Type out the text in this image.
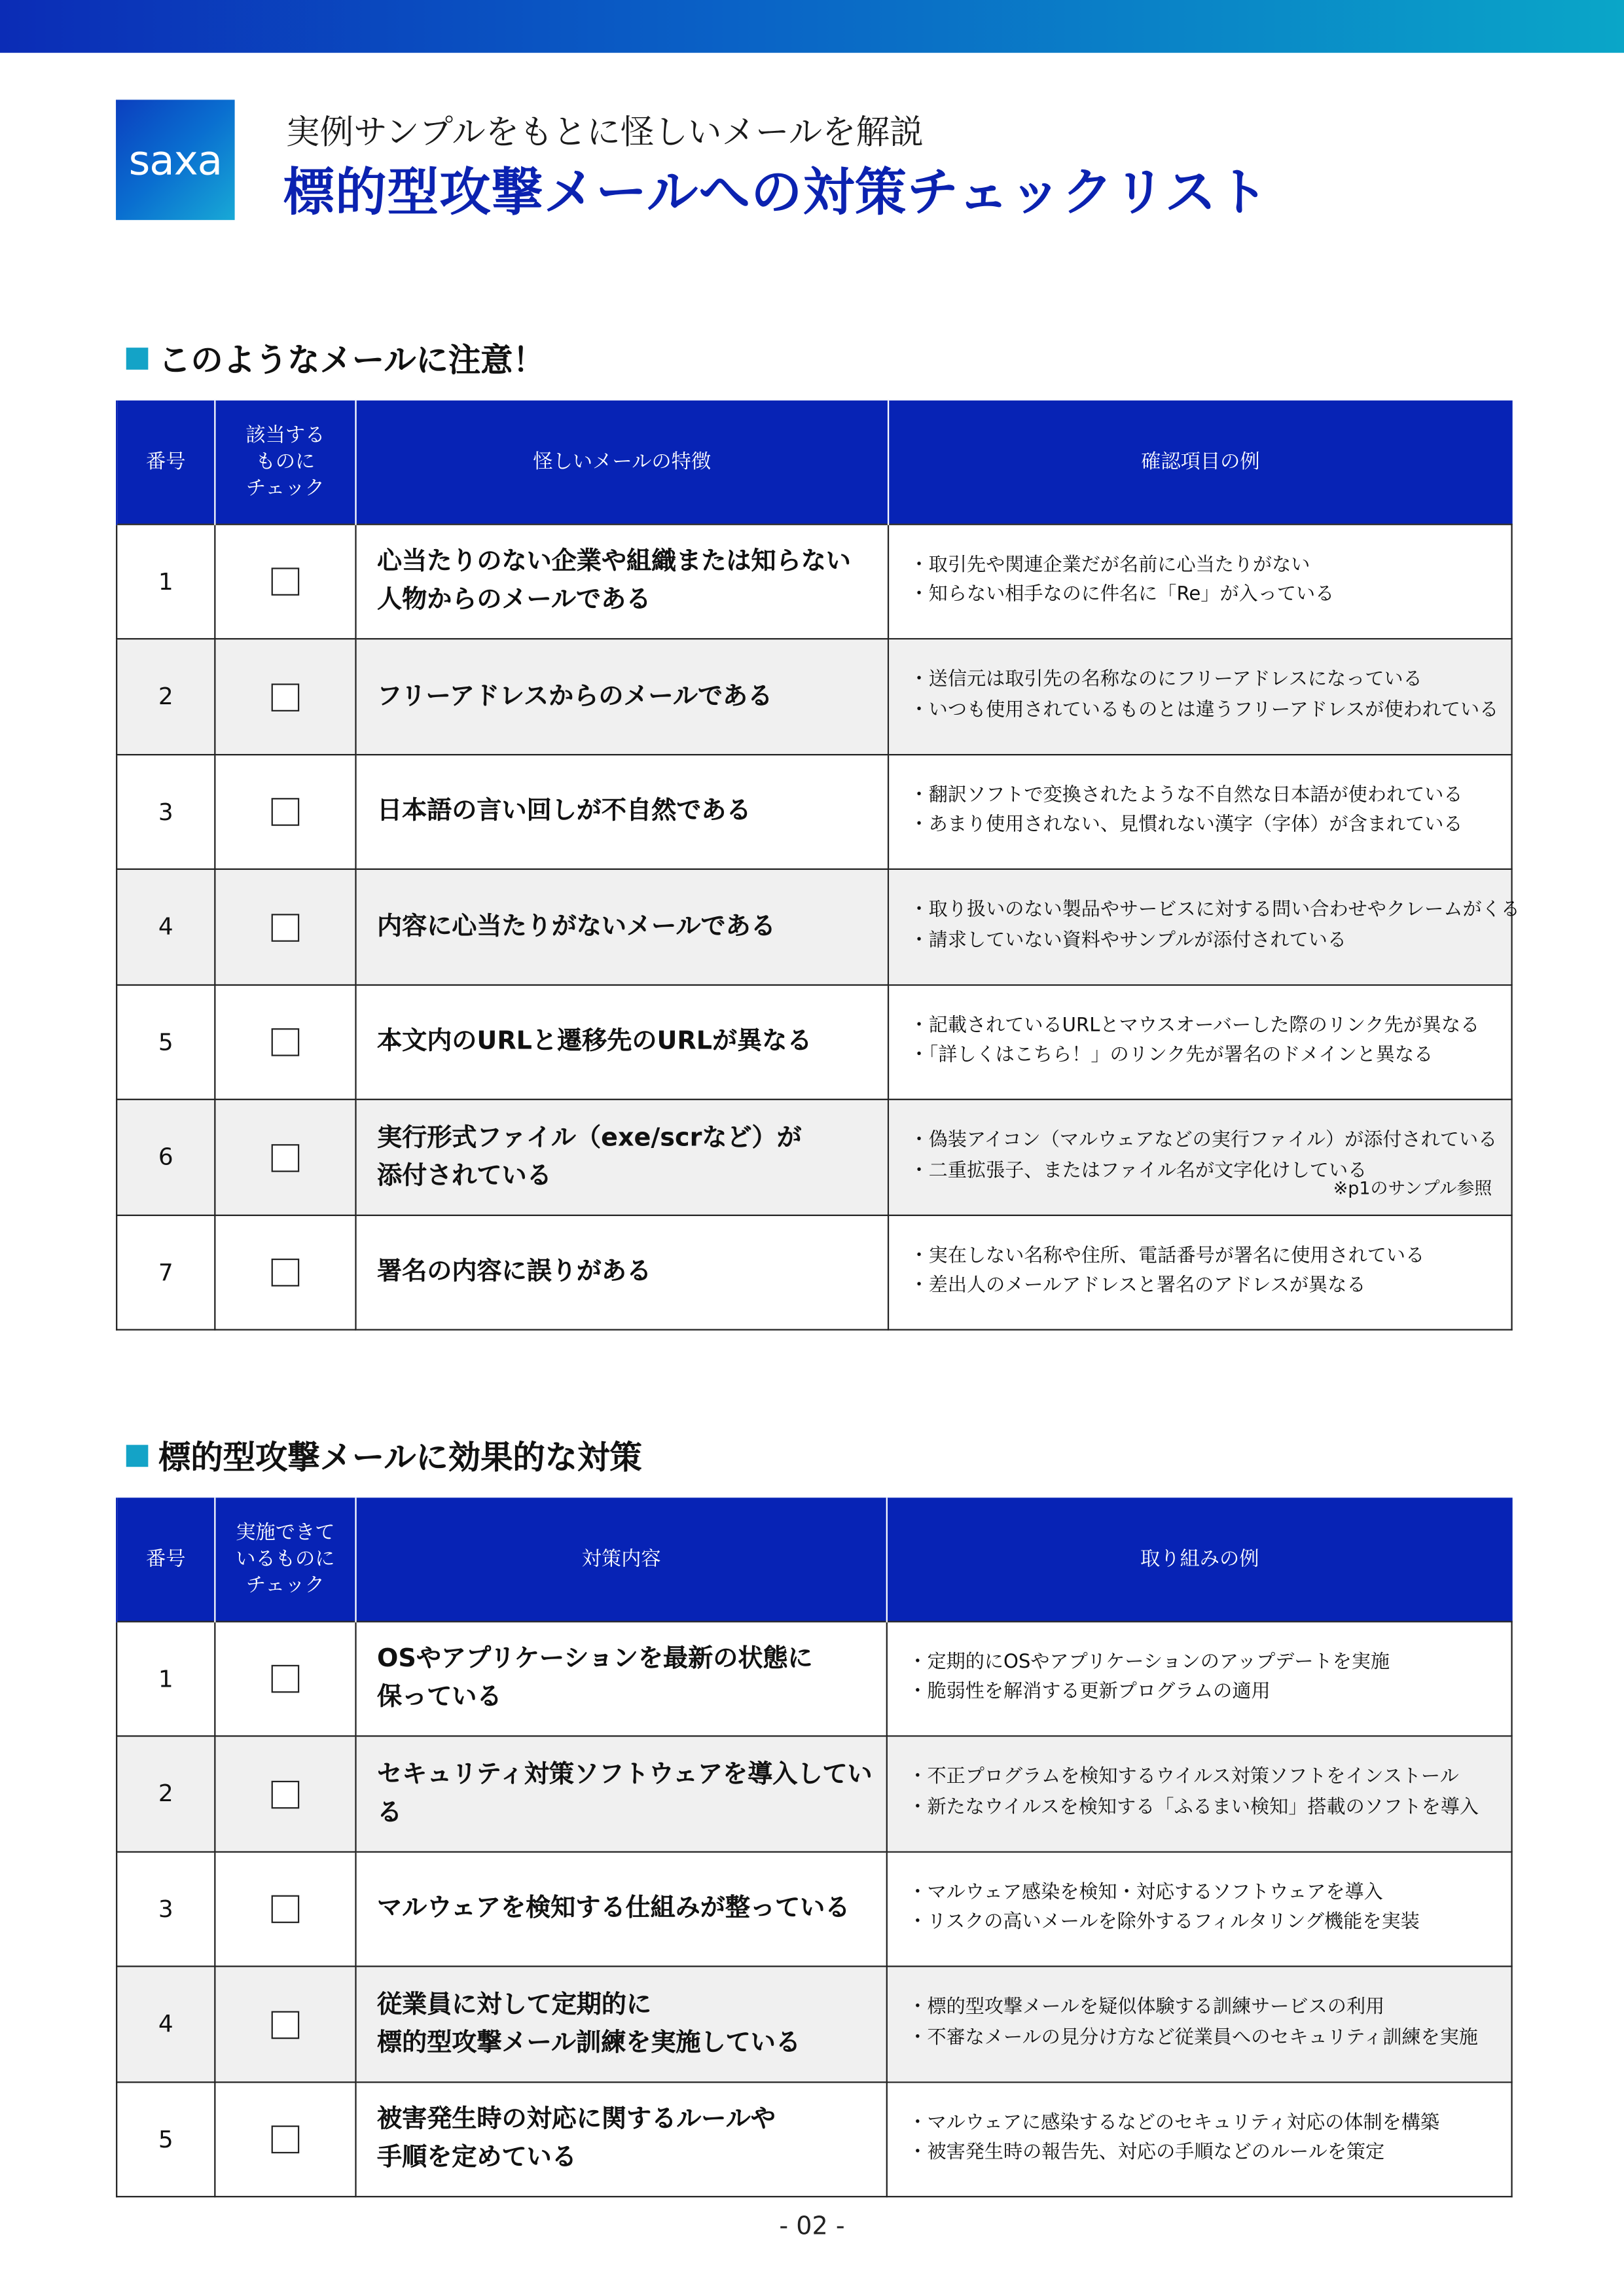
saxa
実例サンプルをもとに怪しいメールを解説
標的型攻撃メールへの対策チェックリスト
このようなメールに注意！
番号	該当する
ものに
チェック	怪しいメールの特徴	確認項目の例
1		心当たりのない企業や組織または知らない
人物からのメールである	・取引先や関連企業だが名前に心当たりがない
・知らない相手なのに件名に「Re」が入っている

2		フリーアドレスからのメールである	・送信元は取引先の名称なのにフリーアドレスになっている
・いつも使用されているものとは違うフリーアドレスが使われている

3		日本語の言い回しが不自然である	・翻訳ソフトで変換されたような不自然な日本語が使われている
・あまり使用されない、見慣れない漢字（字体）が含まれている

4		内容に心当たりがないメールである	・取り扱いのない製品やサービスに対する問い合わせやクレームがくる
・請求していない資料やサンプルが添付されている

5		本文内のURLと遷移先のURLが異なる	・記載されているURLとマウスオーバーした際のリンク先が異なる
・「詳しくはこちら！」のリンク先が署名のドメインと異なる

6		実行形式ファイル（exe/scrなど）が
添付されている	・偽装アイコン（マルウェアなどの実行ファイル）が添付されている
・二重拡張子、またはファイル名が文字化けしている
※p1のサンプル参照

7		署名の内容に誤りがある	・実在しない名称や住所、電話番号が署名に使用されている
・差出人のメールアドレスと署名のアドレスが異なる
標的型攻撃メールに効果的な対策
番号	実施できて
いるものに
チェック	対策内容	取り組みの例
1		OSやアプリケーションを最新の状態に
保っている	・定期的にOSやアプリケーションのアップデートを実施
・脆弱性を解消する更新プログラムの適用

2		セキュリティ対策ソフトウェアを導入している	・不正プログラムを検知するウイルス対策ソフトをインストール
・新たなウイルスを検知する「ふるまい検知」搭載のソフトを導入

3		マルウェアを検知する仕組みが整っている	・マルウェア感染を検知・対応するソフトウェアを導入
・リスクの高いメールを除外するフィルタリング機能を実装

4		従業員に対して定期的に
標的型攻撃メール訓練を実施している	・標的型攻撃メールを疑似体験する訓練サービスの利用
・不審なメールの見分け方など従業員へのセキュリティ訓練を実施

5		被害発生時の対応に関するルールや
手順を定めている	・マルウェアに感染するなどのセキュリティ対応の体制を構築
・被害発生時の報告先、対応の手順などのルールを策定
- 02 -
